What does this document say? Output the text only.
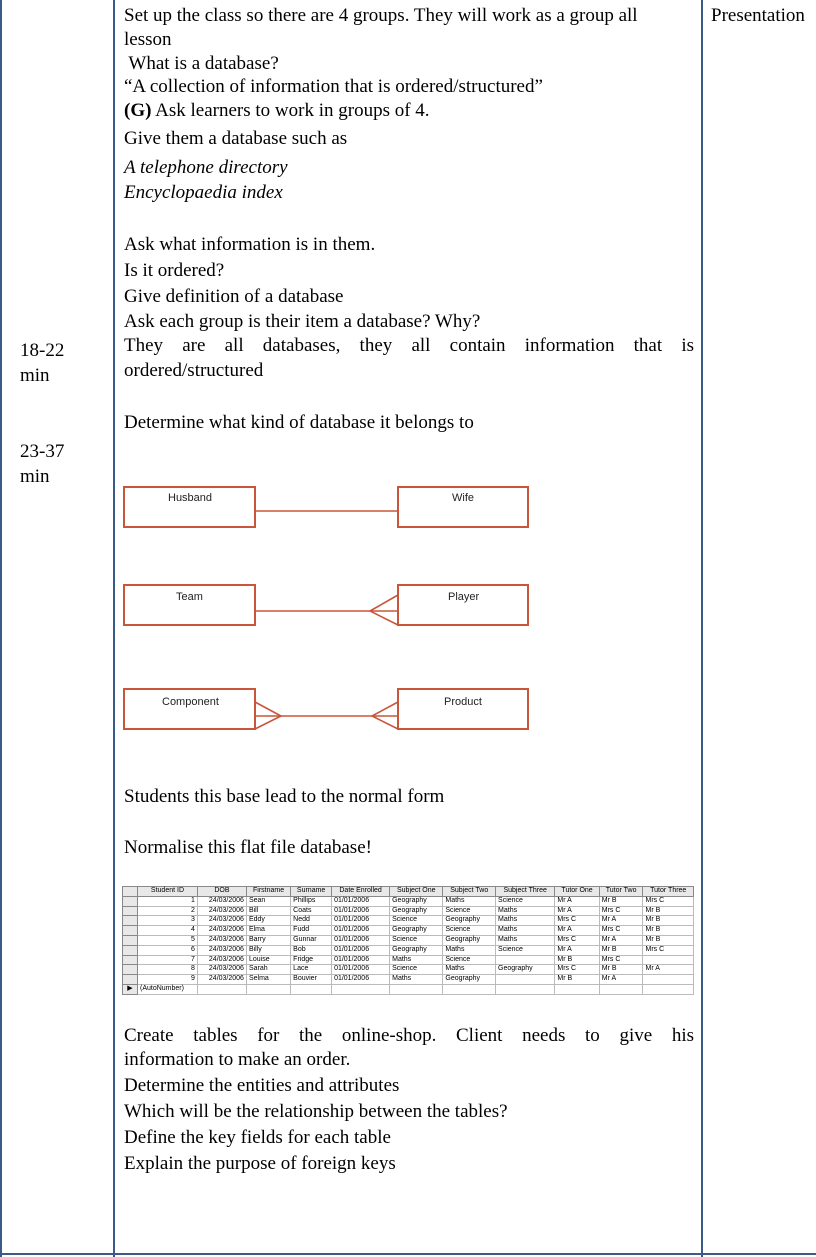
18-22
min
23-37
min
Presentation
Set up the class so there are 4 groups. They will work as a group all
lesson
What is a database?
“A collection of information that is ordered/structured”
(G) Ask learners to work in groups of 4.
Give them a database such as
A telephone directory
Encyclopaedia index
Ask what information is in them.
Is it ordered?
Give definition of a database
Ask each group is their item a database? Why?
They are all databases, they all contain information that is
ordered/structured
Determine what kind of database it belongs to
Husband	Wife
Team	Player
Component	Product
Students this base lead to the normal form
Normalise this flat file database!
	Student ID	DOB	Firstname	Surname	Date Enrolled	Subject One	Subject Two	Subject Three	Tutor One	Tutor Two	Tutor Three
	1	24/03/2006	Sean	Phillips	01/01/2006	Geography	Maths	Science	Mr A	Mr B	Mrs C
	2	24/03/2006	Bill	Coats	01/01/2006	Geography	Science	Maths	Mr A	Mrs C	Mr B
	3	24/03/2006	Eddy	Nedd	01/01/2006	Science	Geography	Maths	Mrs C	Mr A	Mr B
	4	24/03/2006	Elma	Fudd	01/01/2006	Geography	Science	Maths	Mr A	Mrs C	Mr B
	5	24/03/2006	Barry	Gunnar	01/01/2006	Science	Geography	Maths	Mrs C	Mr A	Mr B
	6	24/03/2006	Billy	Bob	01/01/2006	Geography	Maths	Science	Mr A	Mr B	Mrs C
	7	24/03/2006	Louise	Fridge	01/01/2006	Maths	Science		Mr B	Mrs C	
	8	24/03/2006	Sarah	Lace	01/01/2006	Science	Maths	Geography	Mrs C	Mr B	Mr A
	9	24/03/2006	Selma	Bouvier	01/01/2006	Maths	Geography		Mr B	Mr A	
▶	(AutoNumber)										
Create tables for the online-shop. Client needs to give his
information to make an order.
Determine the entities and attributes
Which will be the relationship between the tables?
Define the key fields for each table
Explain the purpose of foreign keys
